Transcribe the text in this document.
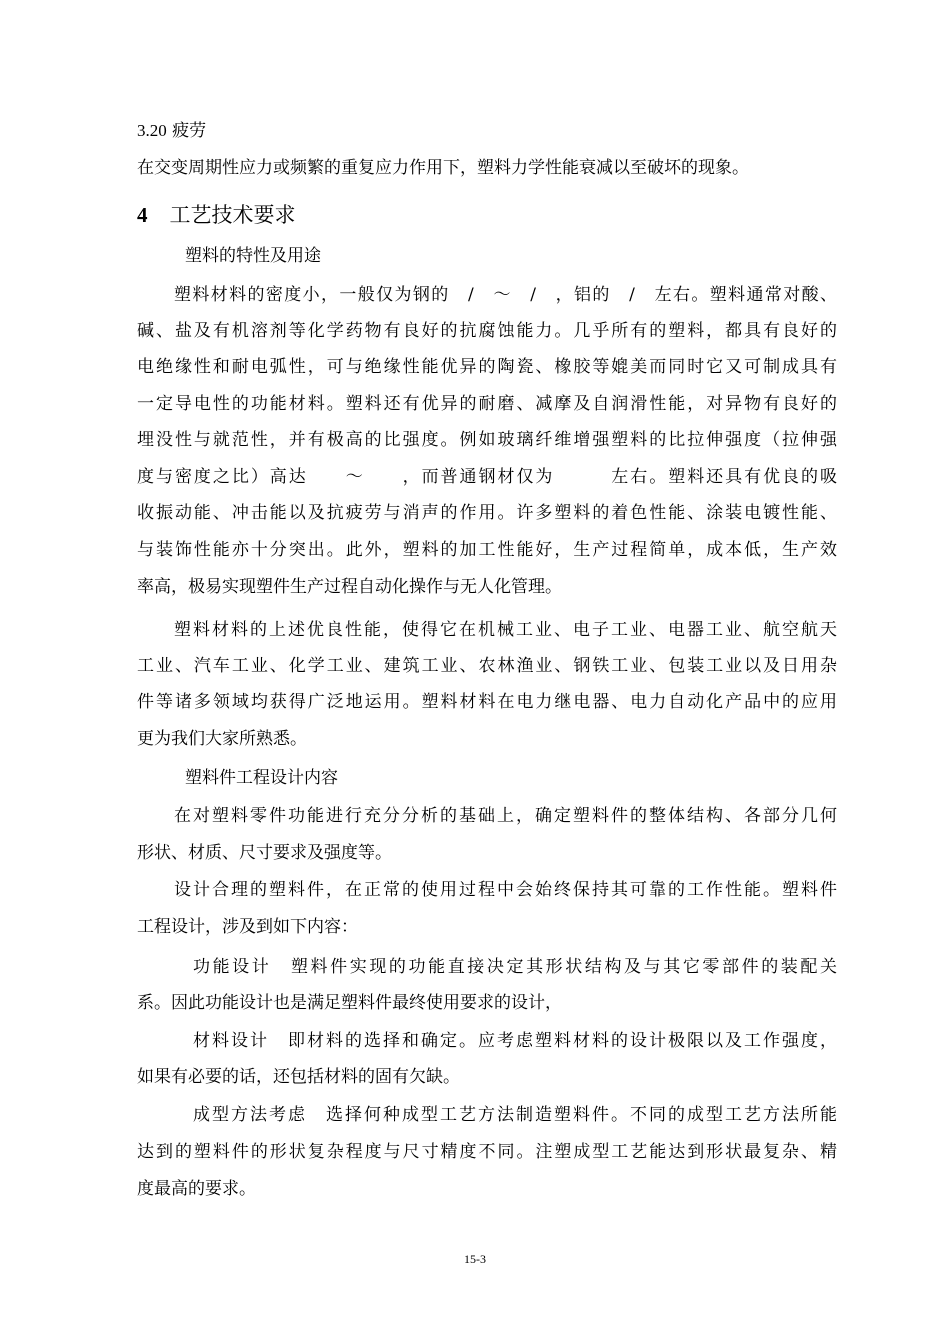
3.20 疲劳
在交变周期性应力或频繁的重复应力作用下，塑料力学性能衰减以至破坏的现象。
4 工艺技术要求
塑料的特性及用途
塑料材料的密度小，一般仅为钢的　/　～　/　，铝的　/　左右。塑料通常对酸、
碱、盐及有机溶剂等化学药物有良好的抗腐蚀能力。几乎所有的塑料，都具有良好的
电绝缘性和耐电弧性，可与绝缘性能优异的陶瓷、橡胶等媲美而同时它又可制成具有
一定导电性的功能材料。塑料还有优异的耐磨、减摩及自润滑性能，对异物有良好的
埋没性与就范性，并有极高的比强度。例如玻璃纤维增强塑料的比拉伸强度（拉伸强
度与密度之比）高达　　～　　，而普通钢材仅为　　　左右。塑料还具有优良的吸
收振动能、冲击能以及抗疲劳与消声的作用。许多塑料的着色性能、涂装电镀性能、
与装饰性能亦十分突出。此外，塑料的加工性能好，生产过程简单，成本低，生产效
率高，极易实现塑件生产过程自动化操作与无人化管理。
塑料材料的上述优良性能，使得它在机械工业、电子工业、电器工业、航空航天
工业、汽车工业、化学工业、建筑工业、农林渔业、钢铁工业、包装工业以及日用杂
件等诸多领域均获得广泛地运用。塑料材料在电力继电器、电力自动化产品中的应用
更为我们大家所熟悉。
塑料件工程设计内容
在对塑料零件功能进行充分分析的基础上，确定塑料件的整体结构、各部分几何
形状、材质、尺寸要求及强度等。
设计合理的塑料件，在正常的使用过程中会始终保持其可靠的工作性能。塑料件
工程设计，涉及到如下内容：
功能设计　塑料件实现的功能直接决定其形状结构及与其它零部件的装配关
系。因此功能设计也是满足塑料件最终使用要求的设计，
材料设计　即材料的选择和确定。应考虑塑料材料的设计极限以及工作强度，
如果有必要的话，还包括材料的固有欠缺。
成型方法考虑　选择何种成型工艺方法制造塑料件。不同的成型工艺方法所能
达到的塑料件的形状复杂程度与尺寸精度不同。注塑成型工艺能达到形状最复杂、精
度最高的要求。
15-3
